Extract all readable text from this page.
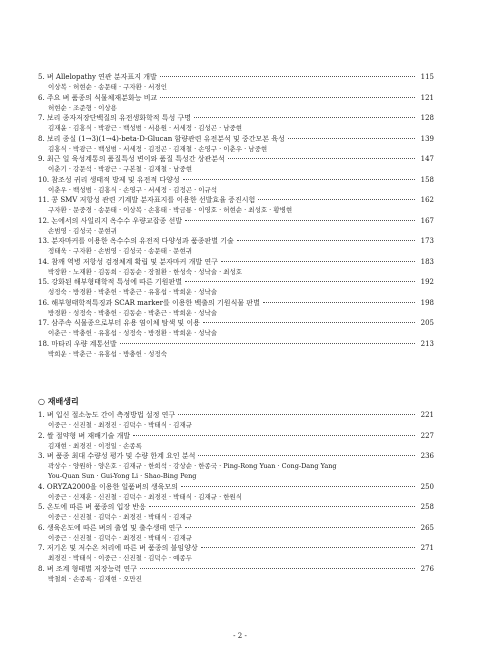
5. 벼 Allelopathy 연관 분자표지 개발	115
이상복 · 허현순 · 송문태 · 구자환 · 서경인
6. 주요 벼 품종의 식물체재분화능 비교	121
허현순 · 조준형 · 이상용
7. 보리 종자저장단백질의 유전생화학적 특성 구명	128
김재윤 · 김홍식 · 박광근 · 백성범 · 서용원 · 서세정 · 김성곤 · 남중현
8. 보리 종실 (1→3)(1→4)-beta-D-Glucan 함량관련 유전분석 및 중간모본 육성	139
김홍식 · 박광근 · 백성범 · 서세정 · 김정곤 · 김재철 · 손영구 · 이춘우 · 남중현
9. 최근 일 육성계통의 품질특성 변이와 품질 특성간 상관분석	147
이춘기 · 강문석 · 박광근 · 구본철 · 김재철 · 남중현
10. 참조성 귀리 생태적 방제 및 유전적 다양성	158
이춘우 · 백성범 · 김홍식 · 손영구 · 서세정 · 김정곤 · 이규석
11. 콩 SMV 저항성 관련 기계발 분자표지를 이용한 선발효율 증진시험	162
구자환 · 문중경 · 송문태 · 이상복 · 손홍태 · 박금룡 · 이영호 · 허현순 · 최성호 · 황병현
12. 논에서의 사일리지 옥수수 우량교잡종 선발	167
손범영 · 김성국 · 문현귀
13. 분자마커를 이용한 옥수수의 유전적 다양성과 품종판별 기술	173
정태욱 · 구자환 · 손범영 · 김성국 · 송문태 · 문현귀
14. 참깨 역병 저항성 검정체계 확립 및 분자마커 개발 연구	183
박장환 · 노재환 · 김동희 · 김동순 · 장철환 · 한성숙 · 성낙술 · 최성호
15. 강화된 해부형태학적 특성에 따른 기원판별	192
성정숙 · 방경환 · 박춘헌 · 박춘근 · 유홍섭 · 박희운 · 성낙술
16. 해부형태학적특징과 SCAR marker를 이용한 백출의 기원식물 판별	198
방경환 · 성정숙 · 박충헌 · 김동순 · 박춘근 · 박희운 · 성낙술
17. 삼주속 식물종으로부터 유용 염이체 탐색 및 이용	205
이춘근 · 박충헌 · 유홍섭 · 성정숙 · 방경환 · 박희운 · 성낙술
18. 마타리 우량 계통선발	213
박희운 · 박춘근 · 유홍섭 · 방충헌 · 성정숙
○ 재배생리
1. 벼 입신 절소농도 간이 측정방법 설정 연구	221
이중근 · 신진철 · 최경진 · 김덕수 · 박태식 · 김재규
2. 쌀 절약형 벼 재배기술 개발	227
김재현 · 최경진 · 이정일 · 손종록
3. 벼 품종 최대 수량성 평가 및 수량 한계 요인 분석	236
곽상수 · 양원하 · 양은호 · 김재규 · 한희석 · 강상순 · 한종국 · Ping-Rong Yuan · Cong-Dang Yang
You-Quan Sun · Gui-Yong Li · Shao-Bing Peng
4. ORYZA2000을 이용한 일품벼의 생육모의	250
이중근 · 신재훈 · 신진철 · 김덕수 · 최경진 · 박태식 · 김재규 · 한원식
5. 온도에 따른 벼 품종의 입장 반응	258
이중근 · 신진철 · 김덕수 · 최경진 · 박태식 · 김재규
6. 생육온도에 따른 벼의 출엽 및 출수생태 연구	265
이중근 · 신진철 · 김덕수 · 최경진 · 박태식 · 김재규
7. 저기온 및 저수온 처리에 따른 벼 품종의 불임양상	271
최경진 · 박태식 · 이중근 · 신진철 · 김덕수 · 예종두
8. 벼 조계 형태별 저장능력 연구	276
박철희 · 손종록 · 김재현 · 오만진
- 2 -
